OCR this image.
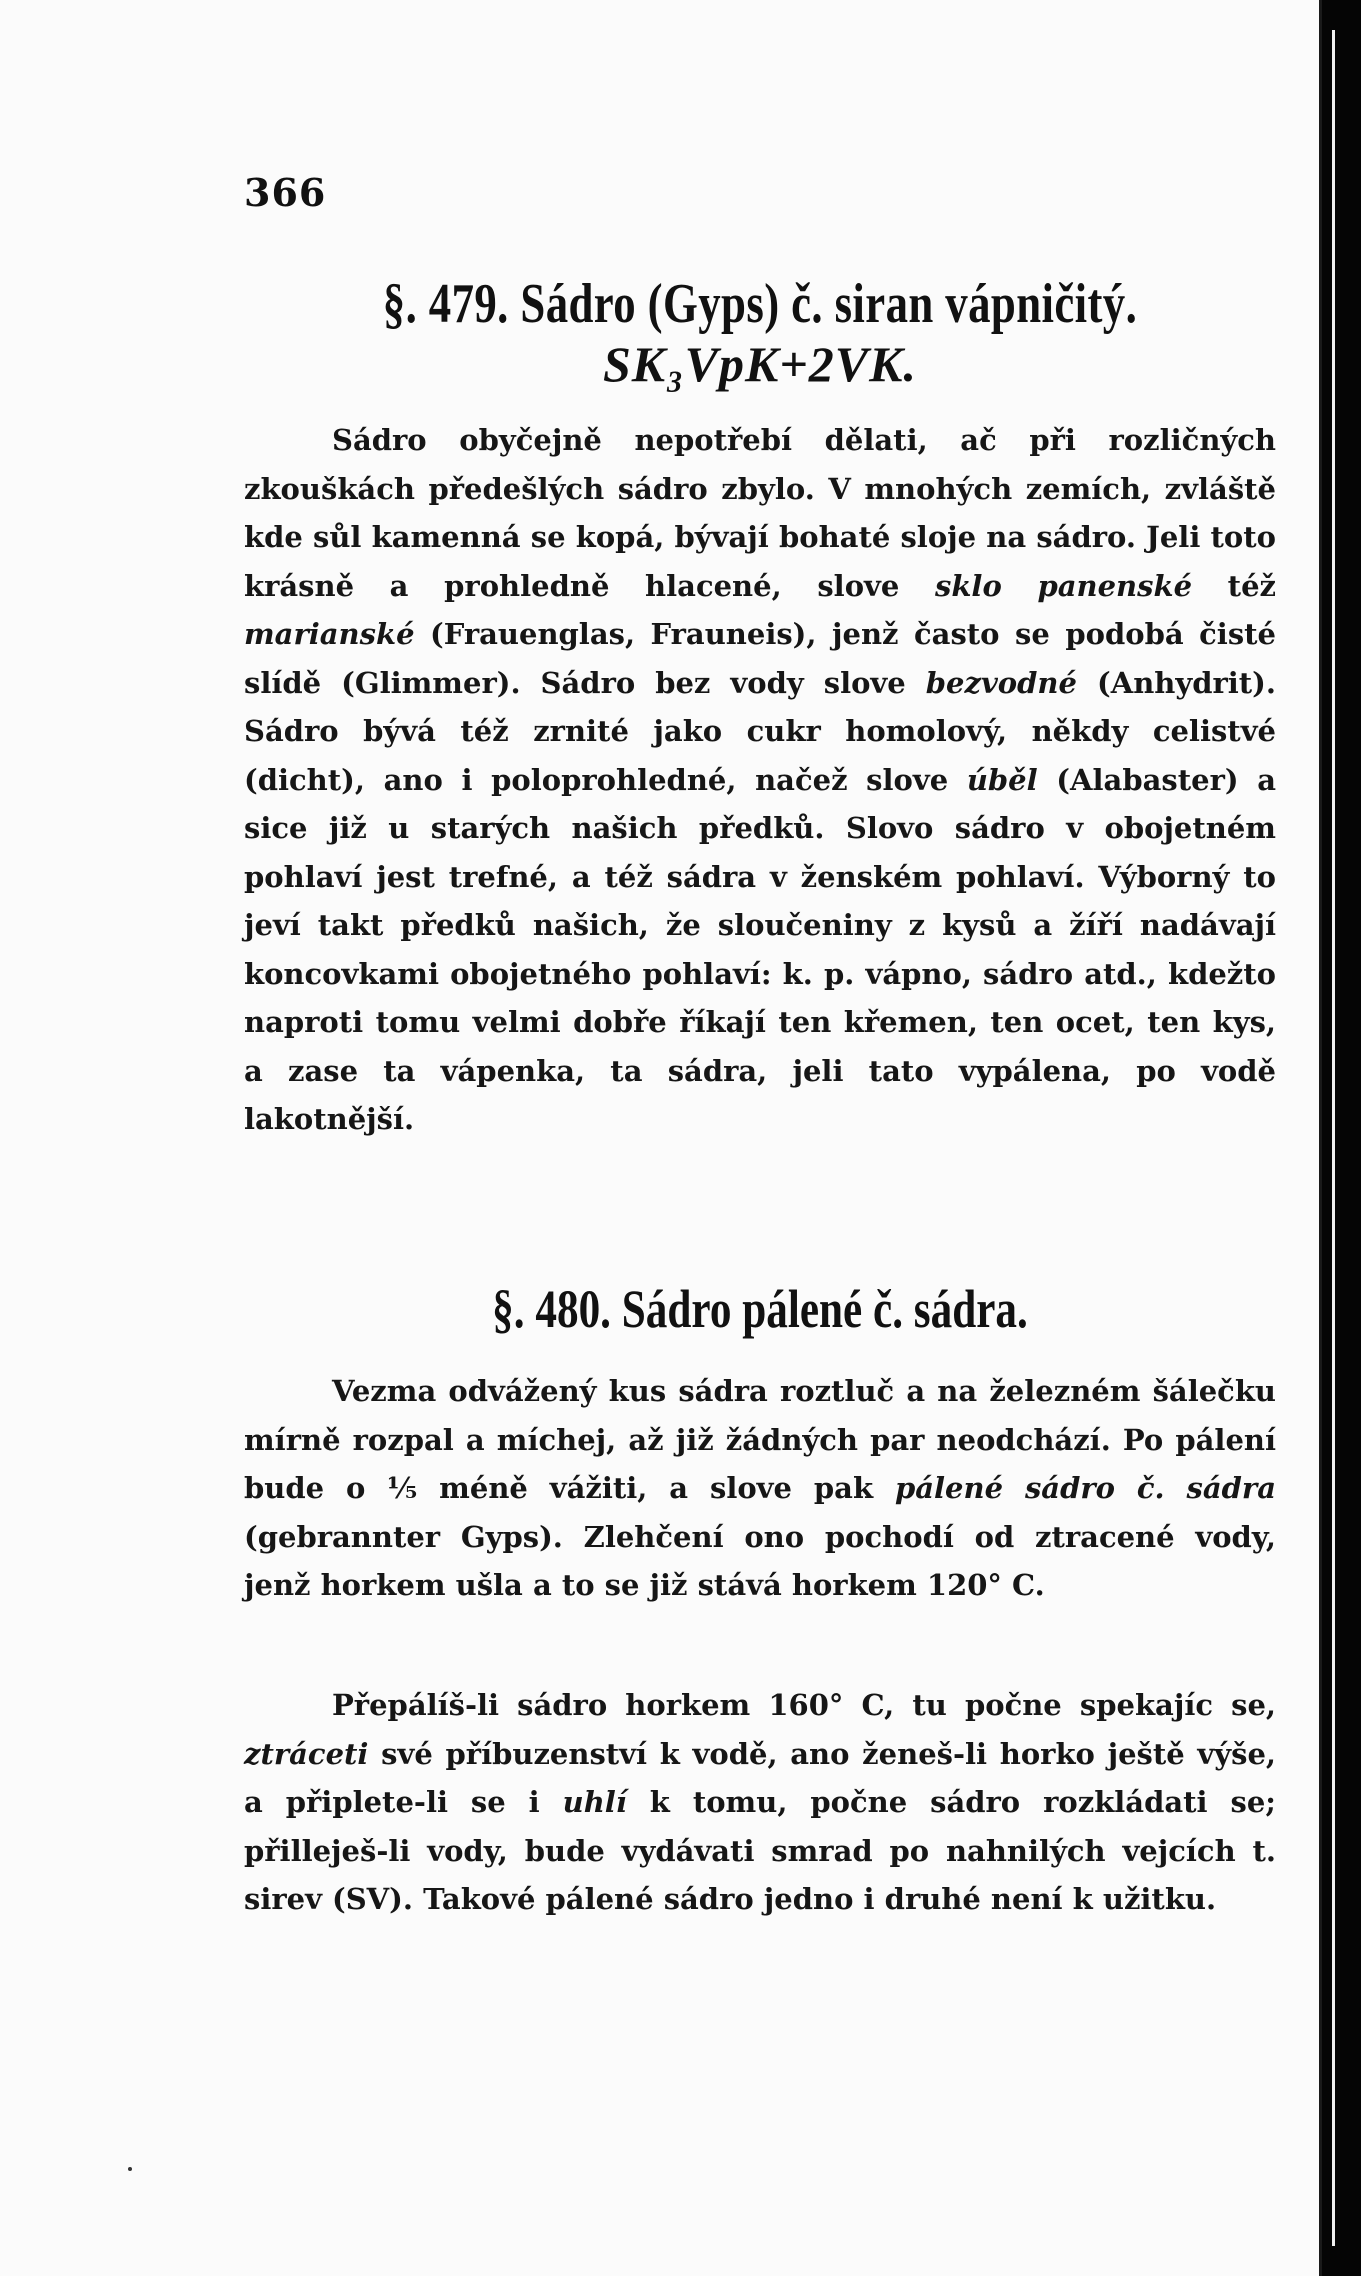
366
§. 479. Sádro (Gyps) č. siran vápničitý.
SK₃VpK+2VK.

Sádro obyčejně nepotřebí dělati, ač při rozličných zkouškách předešlých sádro zbylo. V mnohých zemích, zvláště kde sůl kamenná se kopá, bývají bohaté sloje na sádro. Jeli toto krásně a prohledně hlacené, slove sklo panenské též marianské (Frauenglas, Frauneis), jenž často se podobá čisté slídě (Glimmer). Sádro bez vody slove bezvodné (Anhydrit). Sádro bývá též zrnité jako cukr homolový, někdy celistvé (dicht), ano i poloprohledné, načež slove úběl (Alabaster) a sice již u starých našich předků. Slovo sádro v obojetném pohlaví jest trefné, a též sádra v ženském pohlaví. Výborný to jeví takt předků našich, že sloučeniny z kysů a žíří nadávají koncovkami obojetného pohlaví: k. p. vápno, sádro atd., kdežto naproti tomu velmi dobře říkají ten křemen, ten ocet, ten kys, a zase ta vápenka, ta sádra, jeli tato vypálena, po vodě lakotnější.

§. 480. Sádro pálené č. sádra.

Vezma odvážený kus sádra roztluč a na železném šálečku mírně rozpal a míchej, až již žádných par neodchází. Po pálení bude o ⅕ méně vážiti, a slove pak pálené sádro č. sádra (gebrannter Gyps). Zlehčení ono pochodí od ztracené vody, jenž horkem ušla a to se již stává horkem 120° C.

Přepálíš-li sádro horkem 160° C, tu počne spekajíc se, ztráceti své příbuzenství k vodě, ano ženeš-li horko ještě výše, a připlete-li se i uhlí k tomu, počne sádro rozkládati se; přilleješ-li vody, bude vydávati smrad po nahnilých vejcích t. sirev (SV). Takové pálené sádro jedno i druhé není k užitku.
